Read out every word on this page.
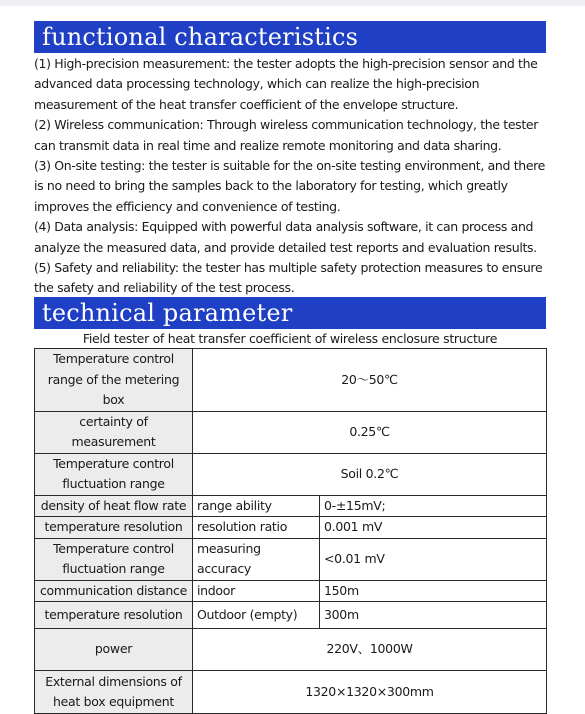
functional characteristics
(1) High-precision measurement: the tester adopts the high-precision sensor and the advanced data processing technology, which can realize the high-precision measurement of the heat transfer coefficient of the envelope structure.
(2) Wireless communication: Through wireless communication technology, the tester can transmit data in real time and realize remote monitoring and data sharing.
(3) On-site testing: the tester is suitable for the on-site testing environment, and there is no need to bring the samples back to the laboratory for testing, which greatly improves the efficiency and convenience of testing.
(4) Data analysis: Equipped with powerful data analysis software, it can process and analyze the measured data, and provide detailed test reports and evaluation results.
(5) Safety and reliability: the tester has multiple safety protection measures to ensure the safety and reliability of the test process.
technical parameter
Field tester of heat transfer coefficient of wireless enclosure structure
Temperature control range of the metering box	20～50℃	
certainty of measurement	0.25℃	
Temperature control fluctuation range	Soil 0.2℃	
density of heat flow rate	range ability	0-±15mV;
temperature resolution	resolution ratio	0.001 mV
Temperature control fluctuation range	measuring accuracy	<0.01 mV
communication distance	indoor	150m
temperature resolution	Outdoor (empty)	300m
power	220V、1000W	
External dimensions of heat box equipment	1320×1320×300mm	
